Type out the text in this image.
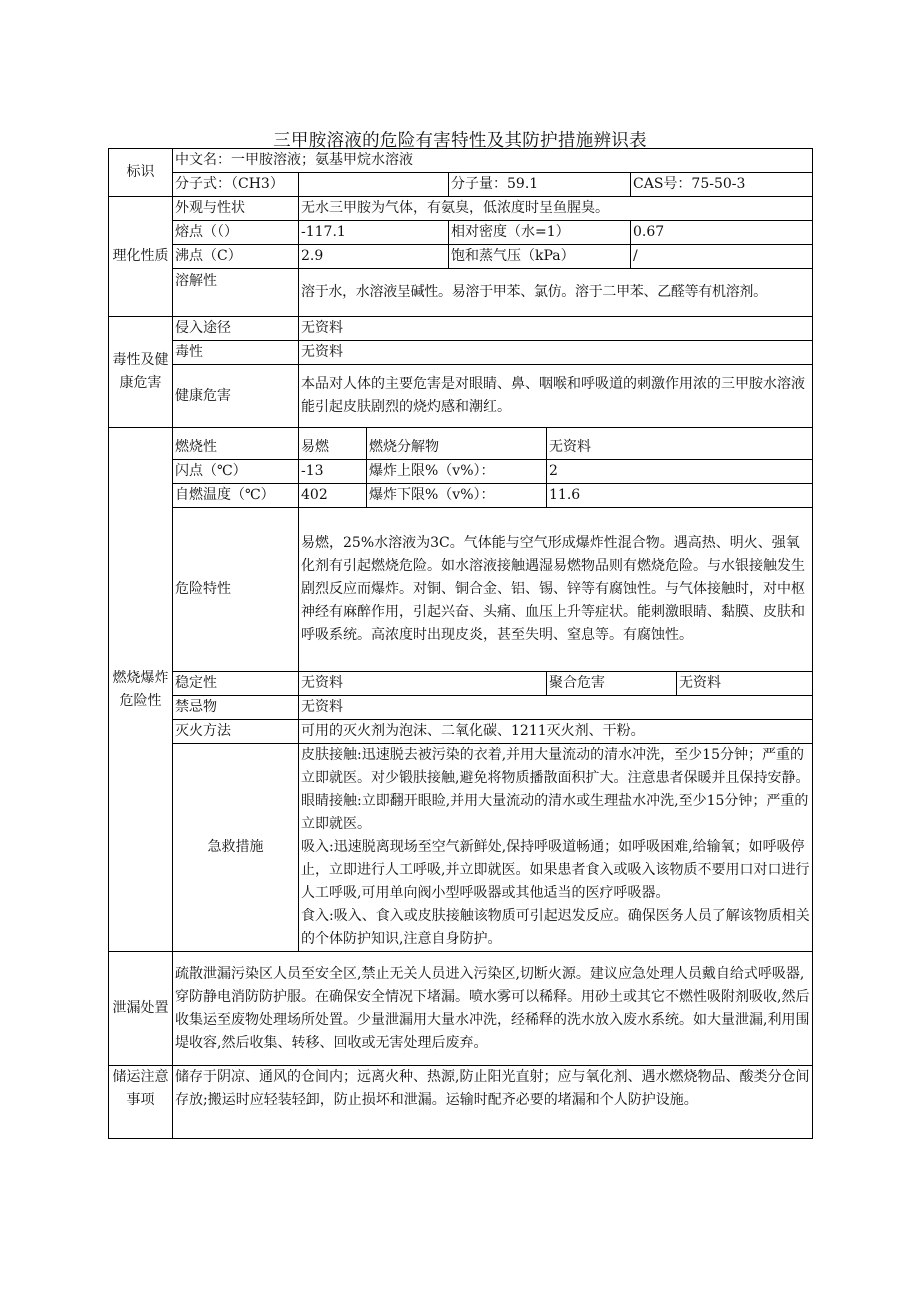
三甲胺溶液的危险有害特性及其防护措施辨识表
标识	中文名：一甲胺溶液；氨基甲烷水溶液						
	分子式：（CH3）			分子量：59.1		CAS号：75-50-3	
理化性质	外观与性状	无水三甲胺为气体，有氨臭，低浓度时呈鱼腥臭。					
	熔点（（）	-117.1		相对密度（水=1）		0.67	
	沸点（C）	2.9		饱和蒸气压（kPa）		/	
	溶解性	溶于水，水溶液呈碱性。易溶于甲苯、氯仿。溶于二甲苯、乙醛等有机溶剂。					
毒性及健康危害	侵入途径	无资料					
	毒性	无资料					
	健康危害	本品对人体的主要危害是对眼睛、鼻、咽喉和呼吸道的刺激作用浓的三甲胺水溶液能引起皮肤剧烈的烧灼感和潮红。					
燃烧爆炸危险性	燃烧性	易燃	燃烧分解物		无资料		
	闪点（℃）	-13	爆炸上限%（v%）：		2		
	自燃温度（℃）	402	爆炸下限%（v%）：		11.6		
	危险特性	易燃，25%水溶液为3C。气体能与空气形成爆炸性混合物。遇高热、明火、强氧化剂有引起燃烧危险。如水溶液接触遇湿易燃物品则有燃烧危险。与水银接触发生剧烈反应而爆炸。对铜、铜合金、铝、锡、锌等有腐蚀性。与气体接触时，对中枢神经有麻醉作用，引起兴奋、头痛、血压上升等症状。能刺激眼睛、黏膜、皮肤和呼吸系统。高浓度时出现皮炎，甚至失明、窒息等。有腐蚀性。					
	稳定性	无资料			聚合危害		无资料
	禁忌物	无资料					
	灭火方法	可用的灭火剂为泡沫、二氧化碳、1211灭火剂、干粉。					
	急救措施	皮肤接触:迅速脱去被污染的衣着,并用大量流动的清水冲洗，至少15分钟；严重的立即就医。对少锻肤接触,避免将物质播散面积扩大。注意患者保暖并且保持安静。
眼睛接触:立即翻开眼睑,并用大量流动的清水或生理盐水冲洗,至少15分钟；严重的立即就医。
吸入:迅速脱离现场至空气新鲜处,保持呼吸道畅通；如呼吸困难,给输氧；如呼吸停止，立即进行人工呼吸,并立即就医。如果患者食入或吸入该物质不要用口对口进行人工呼吸,可用单向阀小型呼吸器或其他适当的医疗呼吸器。
食入:吸入、食入或皮肤接触该物质可引起迟发反应。确保医务人员了解该物质相关的个体防护知识,注意自身防护。					

泄漏处置	疏散泄漏污染区人员至安全区,禁止无关人员进入污染区,切断火源。建议应急处理人员戴自给式呼吸器,穿防静电消防防护服。在确保安全情况下堵漏。喷水雾可以稀释。用砂土或其它不燃性吸附剂吸收,然后收集运至废物处理场所处置。少量泄漏用大量水冲洗，经稀释的洗水放入废水系统。如大量泄漏,利用围堤收容,然后收集、转移、回收或无害处理后废弃。						
储运注意事项	储存于阴凉、通风的仓间内；远离火种、热源,防止阳光直射；应与氧化剂、遇水燃烧物品、酸类分仓间存放;搬运时应轻装轻卸，防止损坏和泄漏。运输时配齐必要的堵漏和个人防护设施。						
